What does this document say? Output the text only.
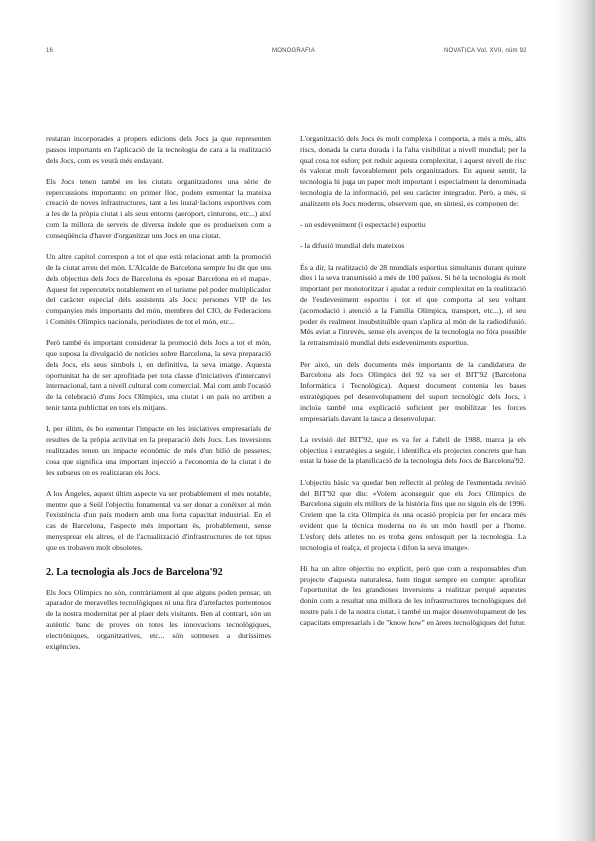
16	MONOGRAFIA	NOVATICA Vol. XVII, núm 92

restaran incorporades a propers edicions dels Jocs ja que representen passos importants en l'aplicació de la tecnologia de cara a la realització dels Jocs, com es veurà més endavant.

Els Jocs tenen també en les ciutats organitzadores una sèrie de repercussions importants: en primer lloc, podem esmentar la mateixa creació de noves infrastructures, tant a les instal·lacions esportives com a les de la pròpia ciutat i als seus entorns (aeroport, cinturons, etc...) així com la millora de serveis de diversa índole que es produeixen com a conseqüència d'haver d'organitzar uns Jocs en una ciutat.

Un altre capítol correspon a tot el que està relacionat amb la promoció de la ciutat arreu del món. L'Alcalde de Barcelona sempre hu dit que uns dels objectius dels Jocs de Barcelona és «posar Barcelona en el mapa». Aquest fet repercuteix notablement en el turisme pel poder multiplicador del caràcter especial dels assistents als Jocs: persones VIP de les companyies més importants del món, membres del CIO, de Federacions i Comitès Olímpics nacionals, periodistes de tot el món, etc...

Però també és important considerar la promoció dels Jocs a tot el món, que suposa la divulgació de notícies sobre Barcelona, la seva preparació dels Jocs, els seus símbols i, en definitiva, la seva imatge. Aquesta oportunitat ha de ser aprofitada per tota classe d'iniciatives d'intercanvi internacional, tant a nivell cultural com comercial. Mai com amb l'ocasió de la celebració d'uns Jocs Olímpics, una ciutat i un país no arriben a tenir tanta publicitat en tots els mitjans.

I, per últim, és bo esmentar l'impacte en les iniciatives empresarials de resultes de la pròpia activitat en la preparació dels Jocs. Les inversions realitzades tenen un impacte econòmic de més d'un bilió de pessetes, cosa que significa una important injecció a l'economia de la ciutat i de les subseus on es realitzaran els Jocs.

A los Ángeles, aquest últim aspecte va ser probablement el més notable, mentre que a Seül l'objectiu fonamental va ser donar a conèixer al món l'existència d'un país modern amb una forta capacitat industrial. En el cas de Barcelona, l'aspecte més important és, probablement, sense menysprear els altres, el de l'actualització d'infrastructures de tot tipus que es trobaven molt obsoletes.

2. La tecnologia als Jocs de Barcelona'92

Els Jocs Olímpics no són, contràriament al que alguns poden pensar, un aparador de meravelles tecnològiques ni una fira d'artefactes portentosos de la nostra modernitat per al plaer dels visitants. Ben al contrari, són un autèntic banc de proves on totes les innovacions tecnològiques, electròniques, organitzatives, etc... són sotmeses a duríssimes exigències.

L'organització dels Jocs és molt complexa i comporta, a més a més, alts riscs, donada la curta durada i la l'alta visibilitat a nivell mundial; per la qual cosa tot esforç pot reduir aquesta complexitat, i aquest nivell de risc és valorat molt favorablement pels organitzadors. En aquest sentit, la tecnologia hi juga un paper molt important i especialment la denominada tecnologia de la informació, pel seu caràcter integrador. Però, a més, si analitzem els Jocs moderns, observem que, en síntesi, es componen de:

- un esdeveniment (i espectacle) esportiu
- la difusió mundial dels mateixos

És a dir, la realització de 28 mundials esportius simultanis durant quinze dies i la seva transmissió a més de 100 països. Si bé la tecnologia és molt important per monotoritzar i ajudar a reduir complexitat en la realització de l'esdeveniment esportiu i tot el que comporta al seu voltant (acomodació i atenció a la Família Olímpica, transport, etc...), el seu poder és realment insubstituïble quan s'aplica al món de la radiodifusió. Més aviat a l'inrevés, sense els avenços de la tecnologia no fóra possible la retransmissió mundial dels esdeveniments esportius.

Per això, un dels documents més importants de la candidatura de Barcelona als Jocs Olímpics del 92 va ser el BIT'92 (Barcelona Informàtica i Tecnològica). Aquest document contenia les bases estratègiques pel desenvolupament del suport tecnològic dels Jocs, i incloïa també una explicació suficient per mobilitzar les forces empresarials davant la tasca a desenvolupar.

La revisió del BIT'92, que es va fer a l'abril de 1988, marca ja els objectius i estratègies a seguir, i identifica els projectes concrets que han estat la base de la planificació de la tecnologia dels Jocs de Barcelona'92.

L'objectiu bàsic va quedar ben reflectit al pròleg de l'esmentada revisió del BIT'92 que diu: «Volem aconseguir que els Jocs Olímpics de Barcelona siguin els millors de la història fins que no siguin els de 1996. Creiem que la cita Olímpica és una ocasió propícia per fer encara més evident que la tècnica moderna no és un món hostil per a l'home. L'esforç dels atletes no es troba gens enfosquit per la tecnologia. La tecnologia el realça, el projecta i difon la seva imatge».

Hi ha un altre objectiu no explícit, però que com a responsables d'un projecte d'aquesta naturalesa, hem tingut sempre en compte: aprofitar l'oportunitat de les grandioses inversions a realitzar perquè aquestes donin com a resultat una millora de les infrastructures tecnològiques del nostre país i de la nostra ciutat, i també un major desenvolupament de les capacitats empresarials i de "know how" en àrees tecnològiques del futur.
